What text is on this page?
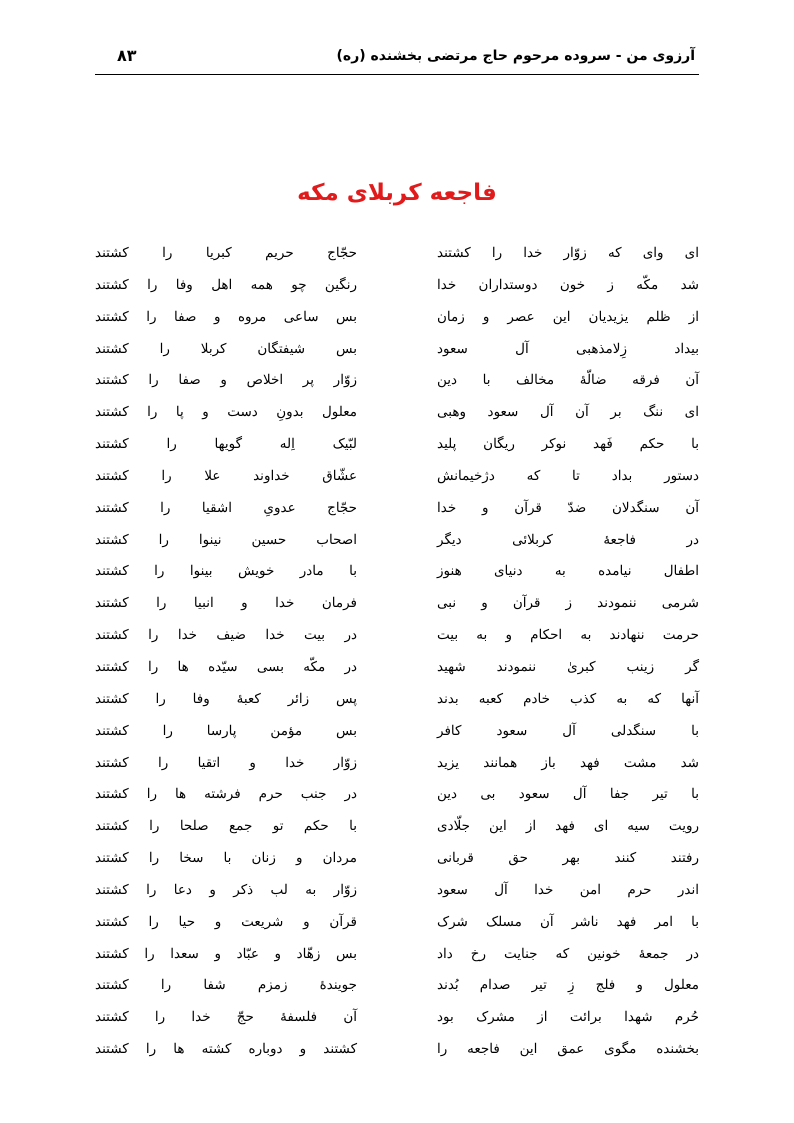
آرزوی من - سروده مرحوم حاج مرتضی بخشنده (ره)
۸۳
فاجعه کربلای مکه
ای وای که زوّار خدا را کشتند
حجّاج حریم کبریا را کشتند
شد مکّه ز خون دوستداران خدا
رنگین چو همه اهل وفا را کشتند
از ظلم یزیدیان این عصر و زمان
بس ساعی مروه و صفا را کشتند
بیداد زِلامذهبی آل سعود
بس شیفتگان کربلا را کشتند
آن فرقه ضالّهٔ مخالف با دین
زوّار پر اخلاص و صفا را کشتند
ای ننگ بر آن آل سعود وهبی
معلول بدونِ دست و پا را کشتند
با حکم فَهد نوکر ریگان پلید
لبّیک اِله گویها را کشتند
دستور بداد تا که دژخیمانش
عشّاق خداوند علا را کشتند
آن سنگدلان ضدّ قرآن و خدا
حجّاج عدویِ اشقیا را کشتند
در فاجعهٔ کربلائی دیگر
اصحاب حسین نینوا را کشتند
اطفال نیامده به دنیای هنوز
با مادر خویش بینوا را کشتند
شرمی ننمودند ز قرآن و نبی
فرمان خدا و انبیا را کشتند
حرمت ننهادند به احکام و به بیت
در بیت خدا ضیف خدا را کشتند
گر زینب کبریٰ ننمودند شهید
در مکّه بسی سیّده ها را کشتند
آنها که به کذب خادم کعبه بدند
پس زائر کعبهٔ وفا را کشتند
با سنگدلی آل سعود کافر
بس مؤمن پارسا را کشتند
شد مشت فهد باز همانند یزید
زوّار خدا و اتقیا را کشتند
با تیر جفا آل سعود بی دین
در جنب حرم فرشته ها را کشتند
رویت سیه ای فهد از این جلّادی
با حکم تو جمع صلحا را کشتند
رفتند کنند بهر حق قربانی
مردان و زنان با سخا را کشتند
اندر حرم امن خدا آل سعود
زوّار به لب ذکر و دعا را کشتند
با امر فهد ناشر آن مسلک شرک
قرآن و شریعت و حیا را کشتند
در جمعهٔ خونین که جنایت رخ داد
بس زهّاد و عبّاد و سعدا را کشتند
معلول و فلج زِ تیر صدام بُدند
جویندهٔ زمزم شفا را کشتند
حُرم شهدا برائت از مشرک بود
آن فلسفهٔ حجّ خدا را کشتند
بخشنده مگوی عمق این فاجعه را
کشتند و دوباره کشته ها را کشتند
